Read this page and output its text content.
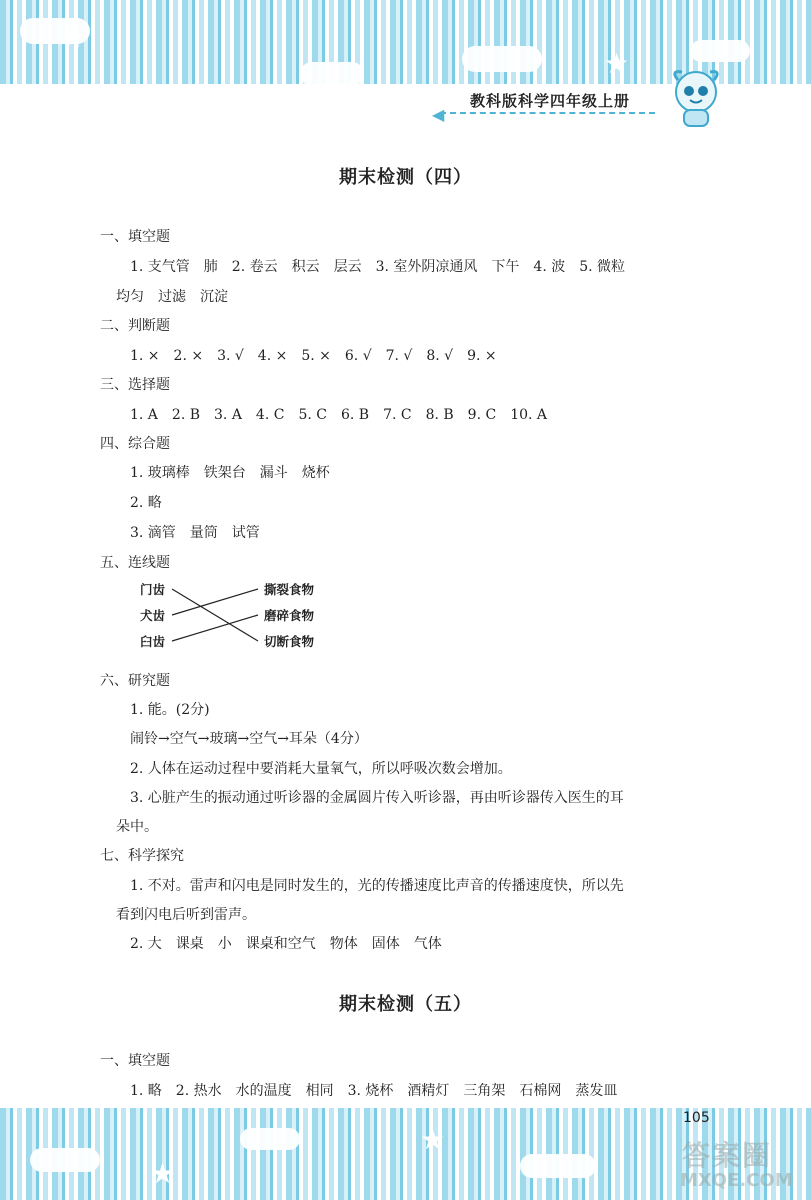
★
★
◀
教科版科学四年级上册
期末检测（四）
一、填空题
1. 支气管　肺　2. 卷云　积云　层云　3. 室外阴凉通风　下午　4. 波　5. 微粒
均匀　过滤　沉淀
二、判断题
1. ×　2. ×　3. √　4. ×　5. ×　6. √　7. √　8. √　9. ×
三、选择题
1. A　2. B　3. A　4. C　5. C　6. B　7. C　8. B　9. C　10. A
四、综合题
1. 玻璃棒　铁架台　漏斗　烧杯
2. 略
3. 滴管　量筒　试管
五、连线题
门齿
犬齿
臼齿
撕裂食物
磨碎食物
切断食物
六、研究题
1. 能。(2分)
闹铃→空气→玻璃→空气→耳朵（4分）
2. 人体在运动过程中要消耗大量氧气，所以呼吸次数会增加。
3. 心脏产生的振动通过听诊器的金属圆片传入听诊器，再由听诊器传入医生的耳
朵中。
七、科学探究
1. 不对。雷声和闪电是同时发生的，光的传播速度比声音的传播速度快，所以先
看到闪电后听到雷声。
2. 大　课桌　小　课桌和空气　物体　固体　气体
期末检测（五）
一、填空题
1. 略　2. 热水　水的温度　相同　3. 烧杯　酒精灯　三角架　石棉网　蒸发皿
★
★
105
答案圈
MXQE.COM
